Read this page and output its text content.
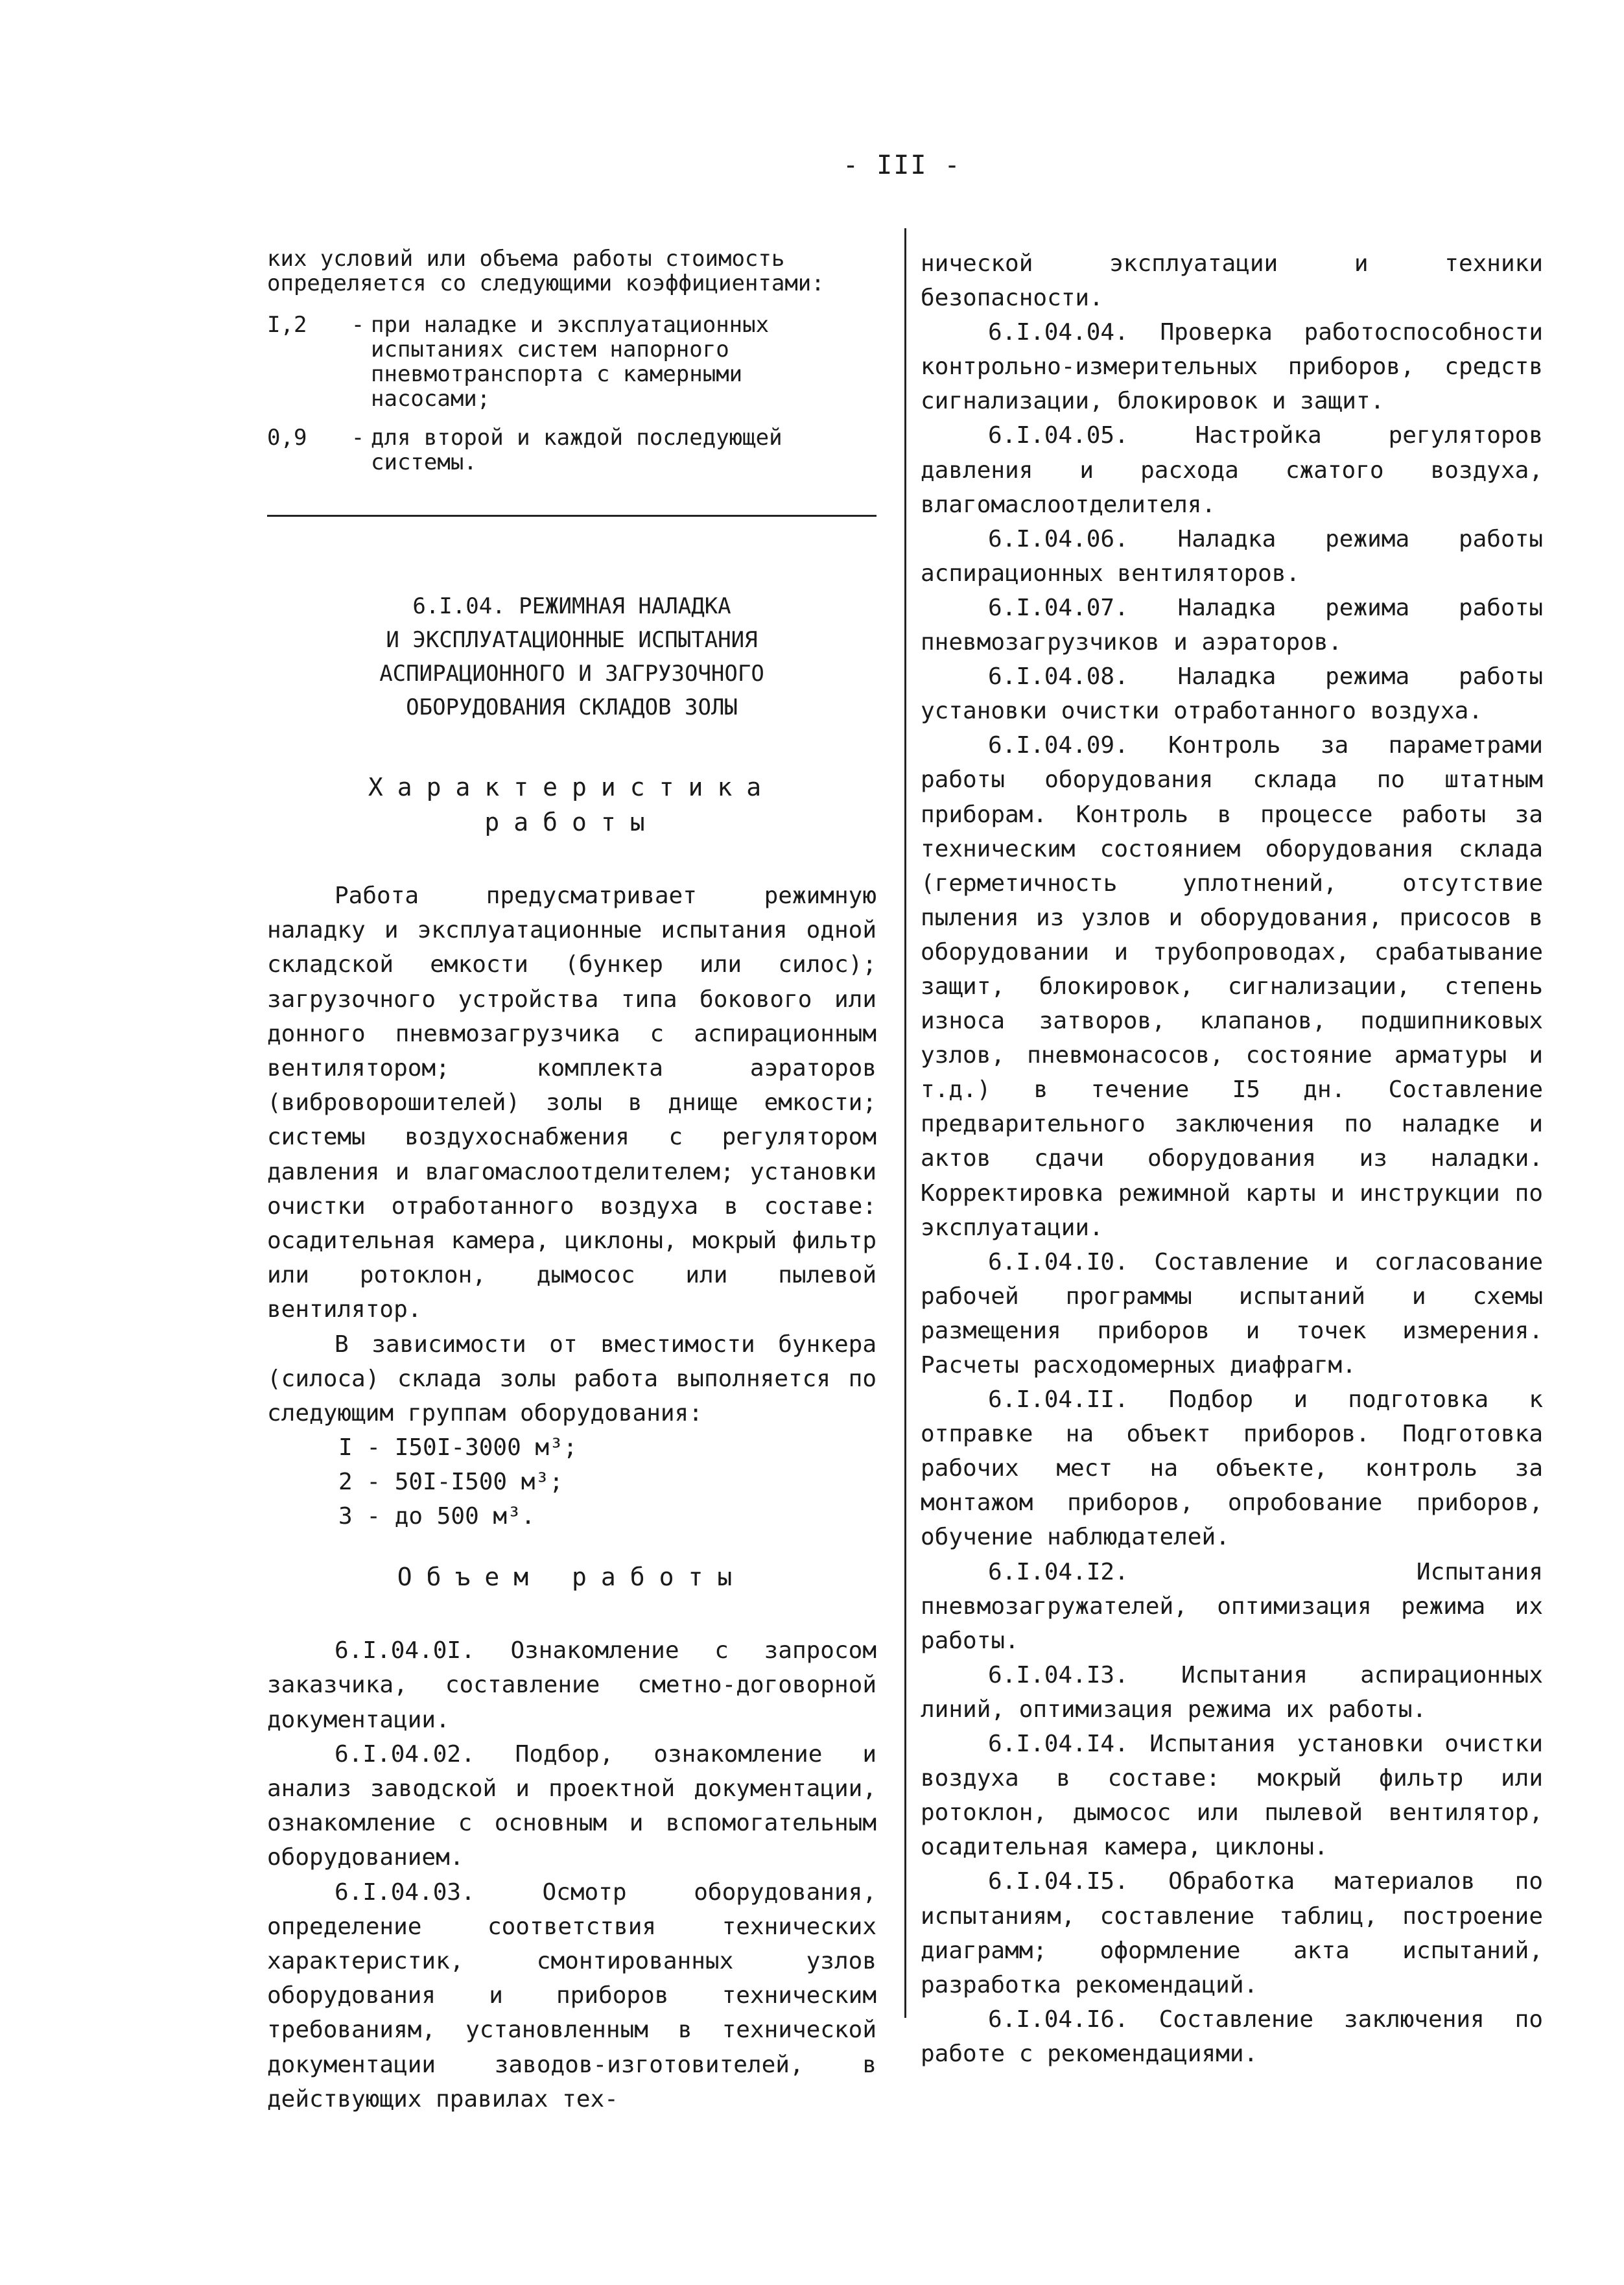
- III -

ких условий или объема работы стоимость определяется со следующими коэффициентами:

I,2	- при наладке и эксплуатационных испытаниях систем напорного пневмотранспорта с камерными насосами;
0,9	- для второй и каждой последующей системы.
6.I.04. РЕЖИМНАЯ НАЛАДКА
И ЭКСПЛУАТАЦИОННЫЕ ИСПЫТАНИЯ
АСПИРАЦИОННОГО И ЗАГРУЗОЧНОГО
ОБОРУДОВАНИЯ СКЛАДОВ ЗОЛЫ
Характеристика
работы

Работа предусматривает режимную наладку и эксплуатационные испытания одной складской емкости (бункер или силос); загрузочного устройства типа бокового или донного пневмозагрузчика с аспирационным вентилятором; комплекта аэраторов (виброворошителей) золы в днище емкости; системы воздухоснабжения с регулятором давления и влагомаслоотделителем; установки очистки отработанного воздуха в составе: осадительная камера, циклоны, мокрый фильтр или ротоклон, дымосос или пылевой вентилятор.

В зависимости от вместимости бункера (силоса) склада золы работа выполняется по следующим группам оборудования:

I - I50I-3000 м³;
2 - 50I-I500 м³;
3 - до 500 м³.
Объем работы

6.I.04.0I. Ознакомление с запросом заказчика, составление сметно-договорной документации.

6.I.04.02. Подбор, ознакомление и анализ заводской и проектной документации, ознакомление с основным и вспомогательным оборудованием.

6.I.04.03. Осмотр оборудования, определение соответствия технических характеристик, смонтированных узлов оборудования и приборов техническим требованиям, установленным в технической документации заводов-изготовителей, в действующих правилах тех-

нической эксплуатации и техники безопасности.

6.I.04.04. Проверка работоспособности контрольно-измерительных приборов, средств сигнализации, блокировок и защит.

6.I.04.05. Настройка регуляторов давления и расхода сжатого воздуха, влагомаслоотделителя.

6.I.04.06. Наладка режима работы аспирационных вентиляторов.

6.I.04.07. Наладка режима работы пневмозагрузчиков и аэраторов.

6.I.04.08. Наладка режима работы установки очистки отработанного воздуха.

6.I.04.09. Контроль за параметрами работы оборудования склада по штатным приборам. Контроль в процессе работы за техническим состоянием оборудования склада (герметичность уплотнений, отсутствие пыления из узлов и оборудования, присосов в оборудовании и трубопроводах, срабатывание защит, блокировок, сигнализации, степень износа затворов, клапанов, подшипниковых узлов, пневмонасосов, состояние арматуры и т.д.) в течение I5 дн. Составление предварительного заключения по наладке и актов сдачи оборудования из наладки. Корректировка режимной карты и инструкции по эксплуатации.

6.I.04.I0. Составление и согласование рабочей программы испытаний и схемы размещения приборов и точек измерения. Расчеты расходомерных диафрагм.

6.I.04.II. Подбор и подготовка к отправке на объект приборов. Подготовка рабочих мест на объекте, контроль за монтажом приборов, опробование приборов, обучение наблюдателей.

6.I.04.I2. Испытания пневмозагружателей, оптимизация режима их работы.

6.I.04.I3. Испытания аспирационных линий, оптимизация режима их работы.

6.I.04.I4. Испытания установки очистки воздуха в составе: мокрый фильтр или ротоклон, дымосос или пылевой вентилятор, осадительная камера, циклоны.

6.I.04.I5. Обработка материалов по испытаниям, составление таблиц, построение диаграмм; оформление акта испытаний, разработка рекомендаций.

6.I.04.I6. Составление заключения по работе с рекомендациями.
